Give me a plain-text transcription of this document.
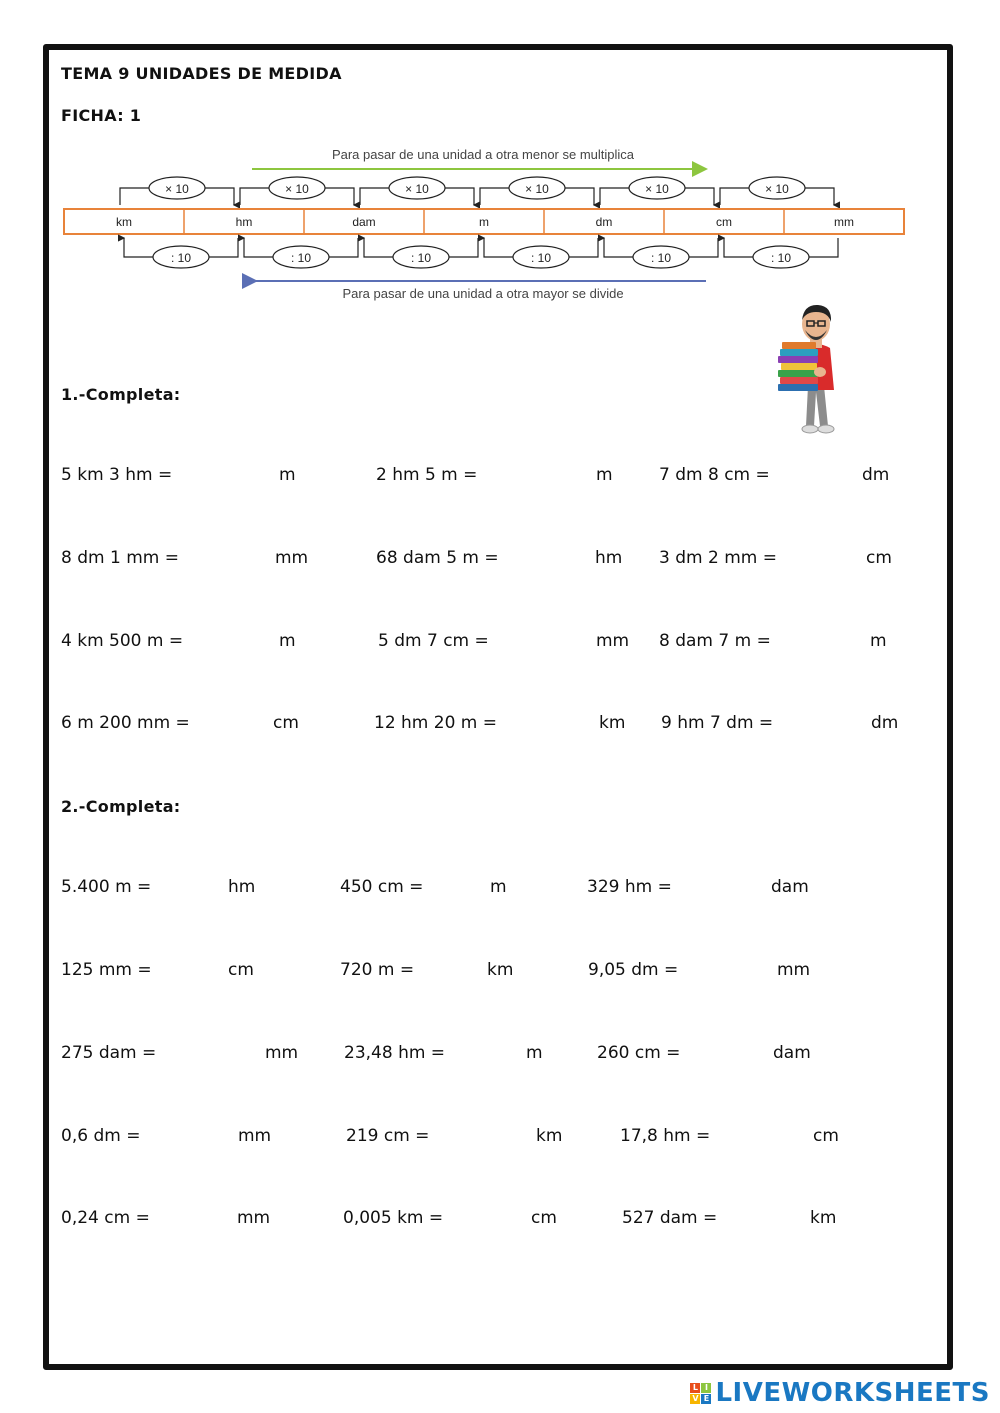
TEMA 9 UNIDADES DE MEDIDA
FICHA: 1
Para pasar de una unidad a otra menor se multiplica
× 10	× 10	× 10	× 10	× 10	× 10
km	hm	dam	m	dm	cm	mm
: 10	: 10	: 10	: 10	: 10	: 10
Para pasar de una unidad a otra mayor se divide
1.-Completa:
5 km 3 hm =	m	2 hm 5 m =	m	7 dm 8 cm =	dm
8 dm 1 mm =	mm	68 dam 5 m =	hm 3 dm 2 mm =	cm
4 km 500 m =	m	5 dm 7 cm =	mm 8 dam 7 m =	m
6 m 200 mm =	cm	12 hm 20 m =	km 9 hm 7 dm =	dm
2.-Completa:
5.400 m =	hm	450 cm =	m	329 hm =	dam
125 mm =	cm	720 m =	km	9,05 dm =	mm
275 dam =	mm	23,48 hm =	m	260 cm =	dam
0,6 dm =	mm	219 cm =	km	17,8 hm =	cm
0,24 cm =	mm	0,005 km =	cm	527 dam =	km
L I
V E LIVEWORKSHEETS
